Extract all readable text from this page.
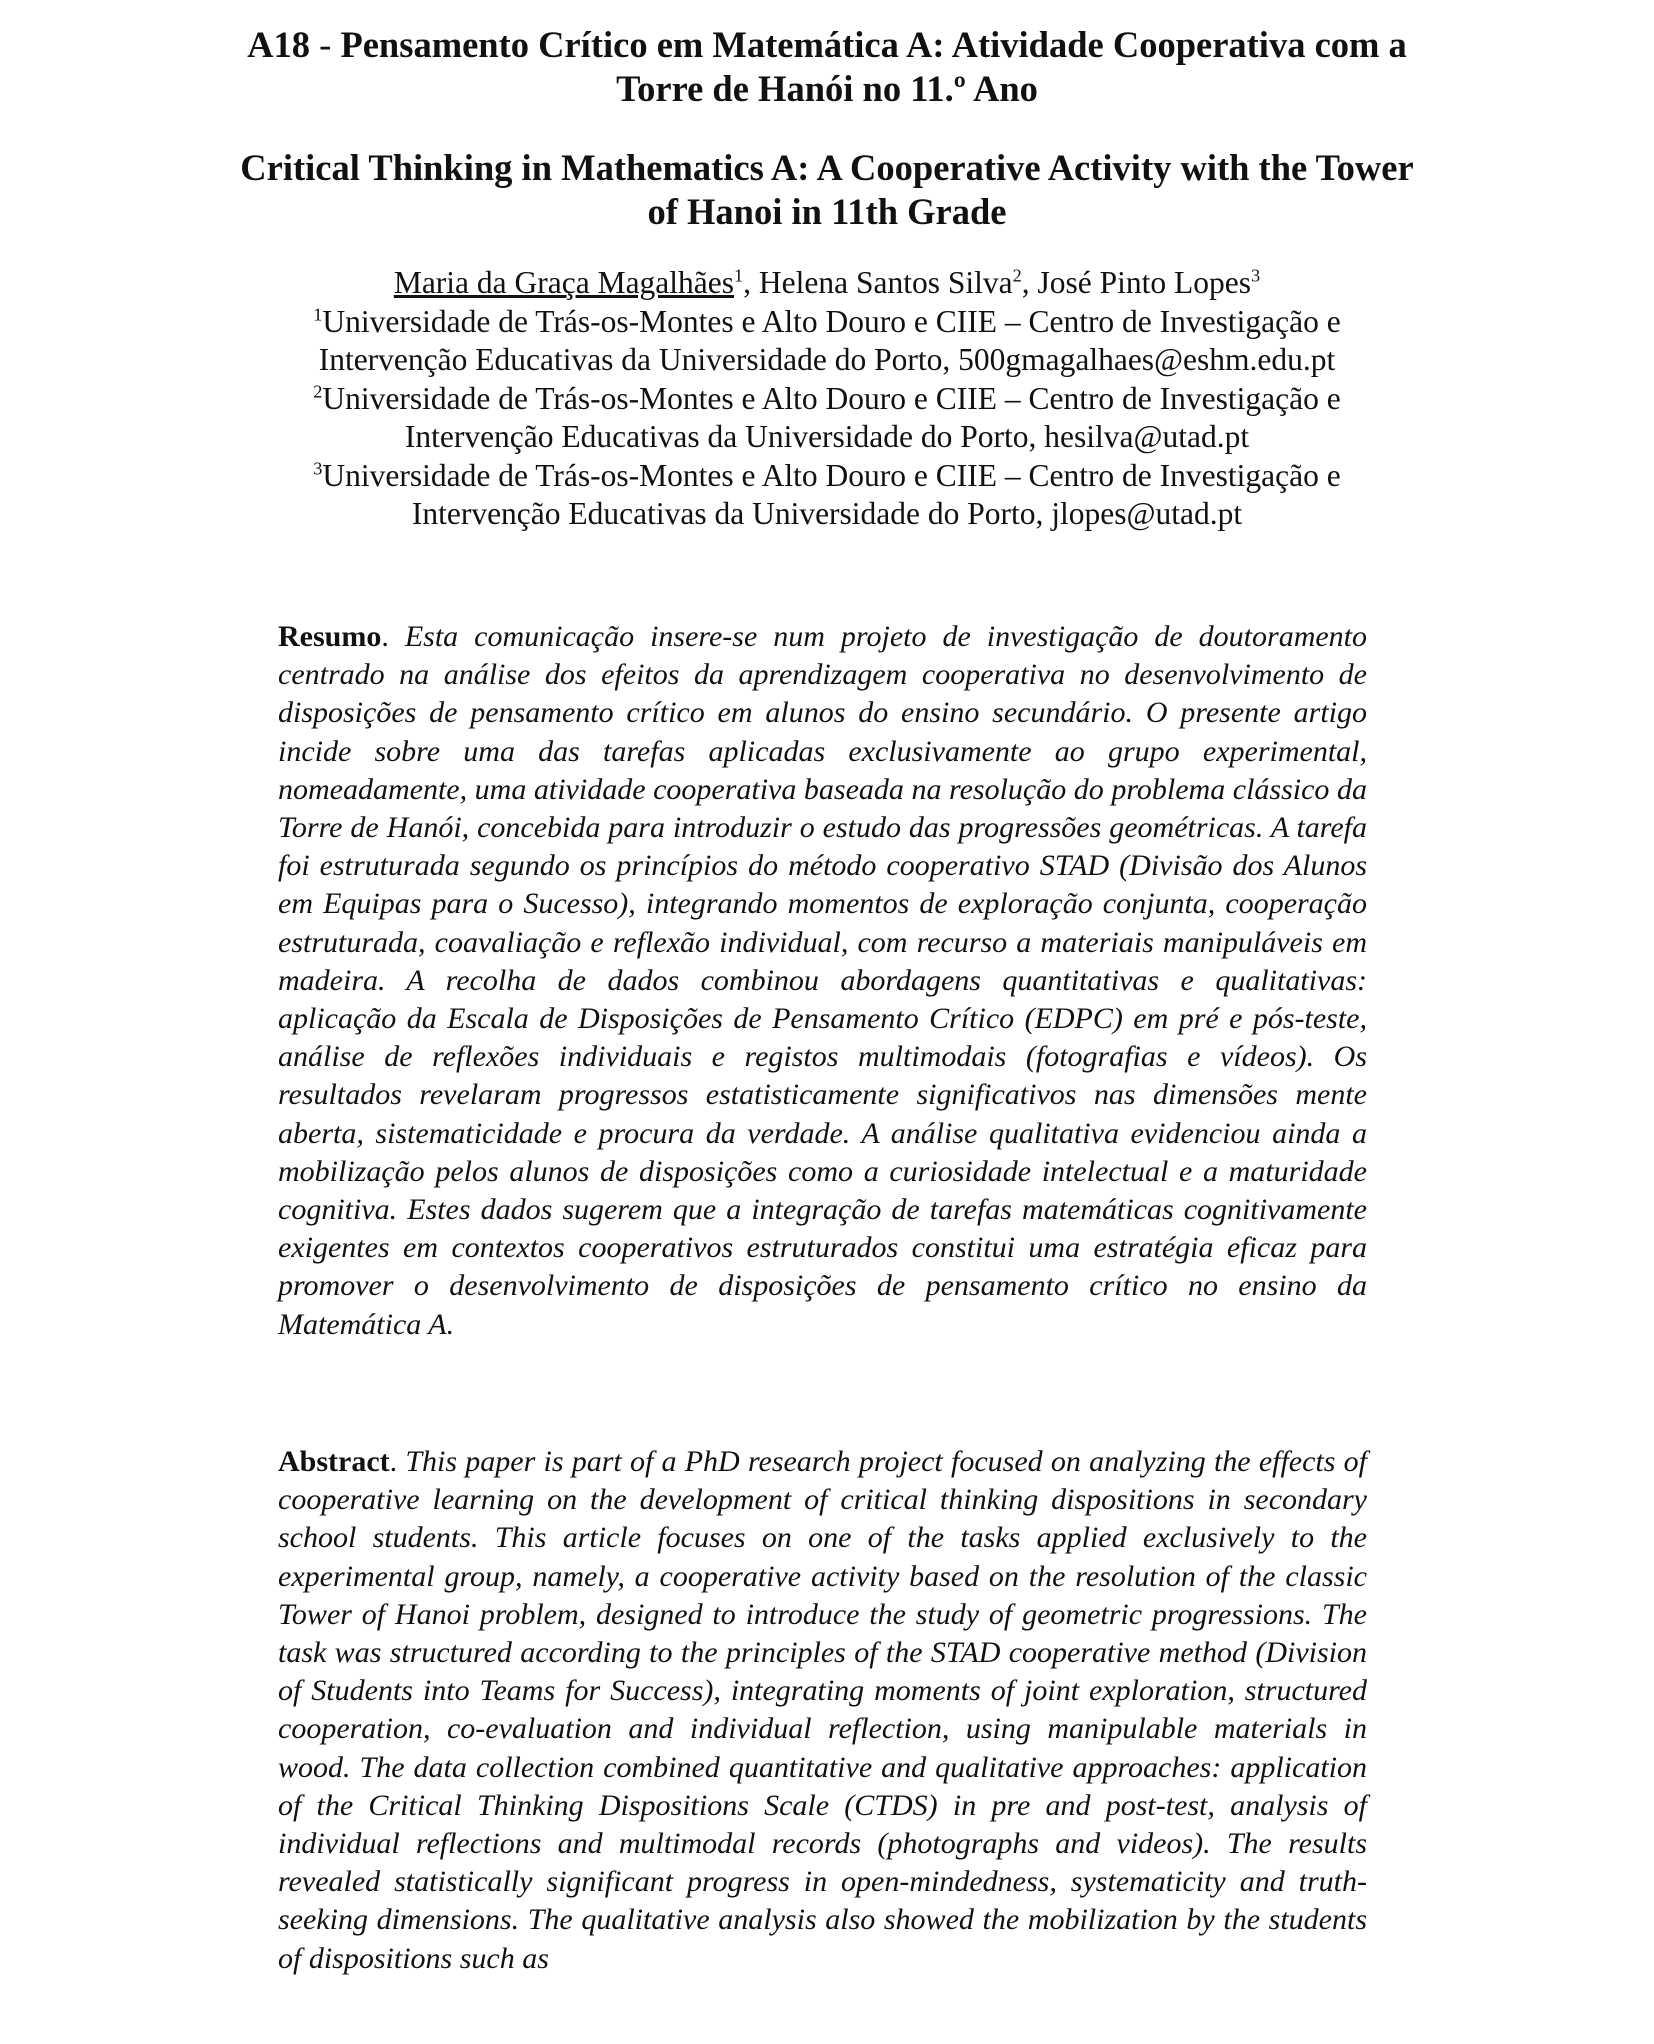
A18 - Pensamento Crítico em Matemática A: Atividade Cooperativa com a
Torre de Hanói no 11.º Ano
Critical Thinking in Mathematics A: A Cooperative Activity with the Tower
of Hanoi in 11th Grade
Maria da Graça Magalhães$^1$, Helena Santos Silva$^2$, José Pinto Lopes$^3$
$^1$Universidade de Trás-os-Montes e Alto Douro e CIIE – Centro de Investigação e
Intervenção Educativas da Universidade do Porto, 500gmagalhaes@eshm.edu.pt
$^2$Universidade de Trás-os-Montes e Alto Douro e CIIE – Centro de Investigação e
Intervenção Educativas da Universidade do Porto, hesilva@utad.pt
$^3$Universidade de Trás-os-Montes e Alto Douro e CIIE – Centro de Investigação e
Intervenção Educativas da Universidade do Porto, jlopes@utad.pt

Resumo. Esta comunicação insere-se num projeto de investigação de doutoramento centrado na análise dos efeitos da aprendizagem cooperativa no desenvolvimento de disposições de pensamento crítico em alunos do ensino secundário. O presente artigo incide sobre uma das tarefas aplicadas exclusivamente ao grupo experimental, nomeadamente, uma atividade cooperativa baseada na resolução do problema clássico da Torre de Hanói, concebida para introduzir o estudo das progressões geométricas. A tarefa foi estruturada segundo os princípios do método cooperativo STAD (Divisão dos Alunos em Equipas para o Sucesso), integrando momentos de exploração conjunta, cooperação estruturada, coavaliação e reflexão individual, com recurso a materiais manipuláveis em madeira. A recolha de dados combinou abordagens quantitativas e qualitativas: aplicação da Escala de Disposições de Pensamento Crítico (EDPC) em pré e pós-teste, análise de reflexões individuais e registos multimodais (fotografias e vídeos). Os resultados revelaram progressos estatisticamente significativos nas dimensões mente aberta, sistematicidade e procura da verdade. A análise qualitativa evidenciou ainda a mobilização pelos alunos de disposições como a curiosidade intelectual e a maturidade cognitiva. Estes dados sugerem que a integração de tarefas matemáticas cognitivamente exigentes em contextos cooperativos estruturados constitui uma estratégia eficaz para promover o desenvolvimento de disposições de pensamento crítico no ensino da Matemática A.

Abstract. This paper is part of a PhD research project focused on analyzing the effects of cooperative learning on the development of critical thinking dispositions in secondary school students. This article focuses on one of the tasks applied exclusively to the experimental group, namely, a cooperative activity based on the resolution of the classic Tower of Hanoi problem, designed to introduce the study of geometric progressions. The task was structured according to the principles of the STAD cooperative method (Division of Students into Teams for Success), integrating moments of joint exploration, structured cooperation, co-evaluation and individual reflection, using manipulable materials in wood. The data collection combined quantitative and qualitative approaches: application of the Critical Thinking Dispositions Scale (CTDS) in pre and post-test, analysis of individual reflections and multimodal records (photographs and videos). The results revealed statistically significant progress in open-mindedness, systematicity and truth-seeking dimensions. The qualitative analysis also showed the mobilization by the students of dispositions such as
